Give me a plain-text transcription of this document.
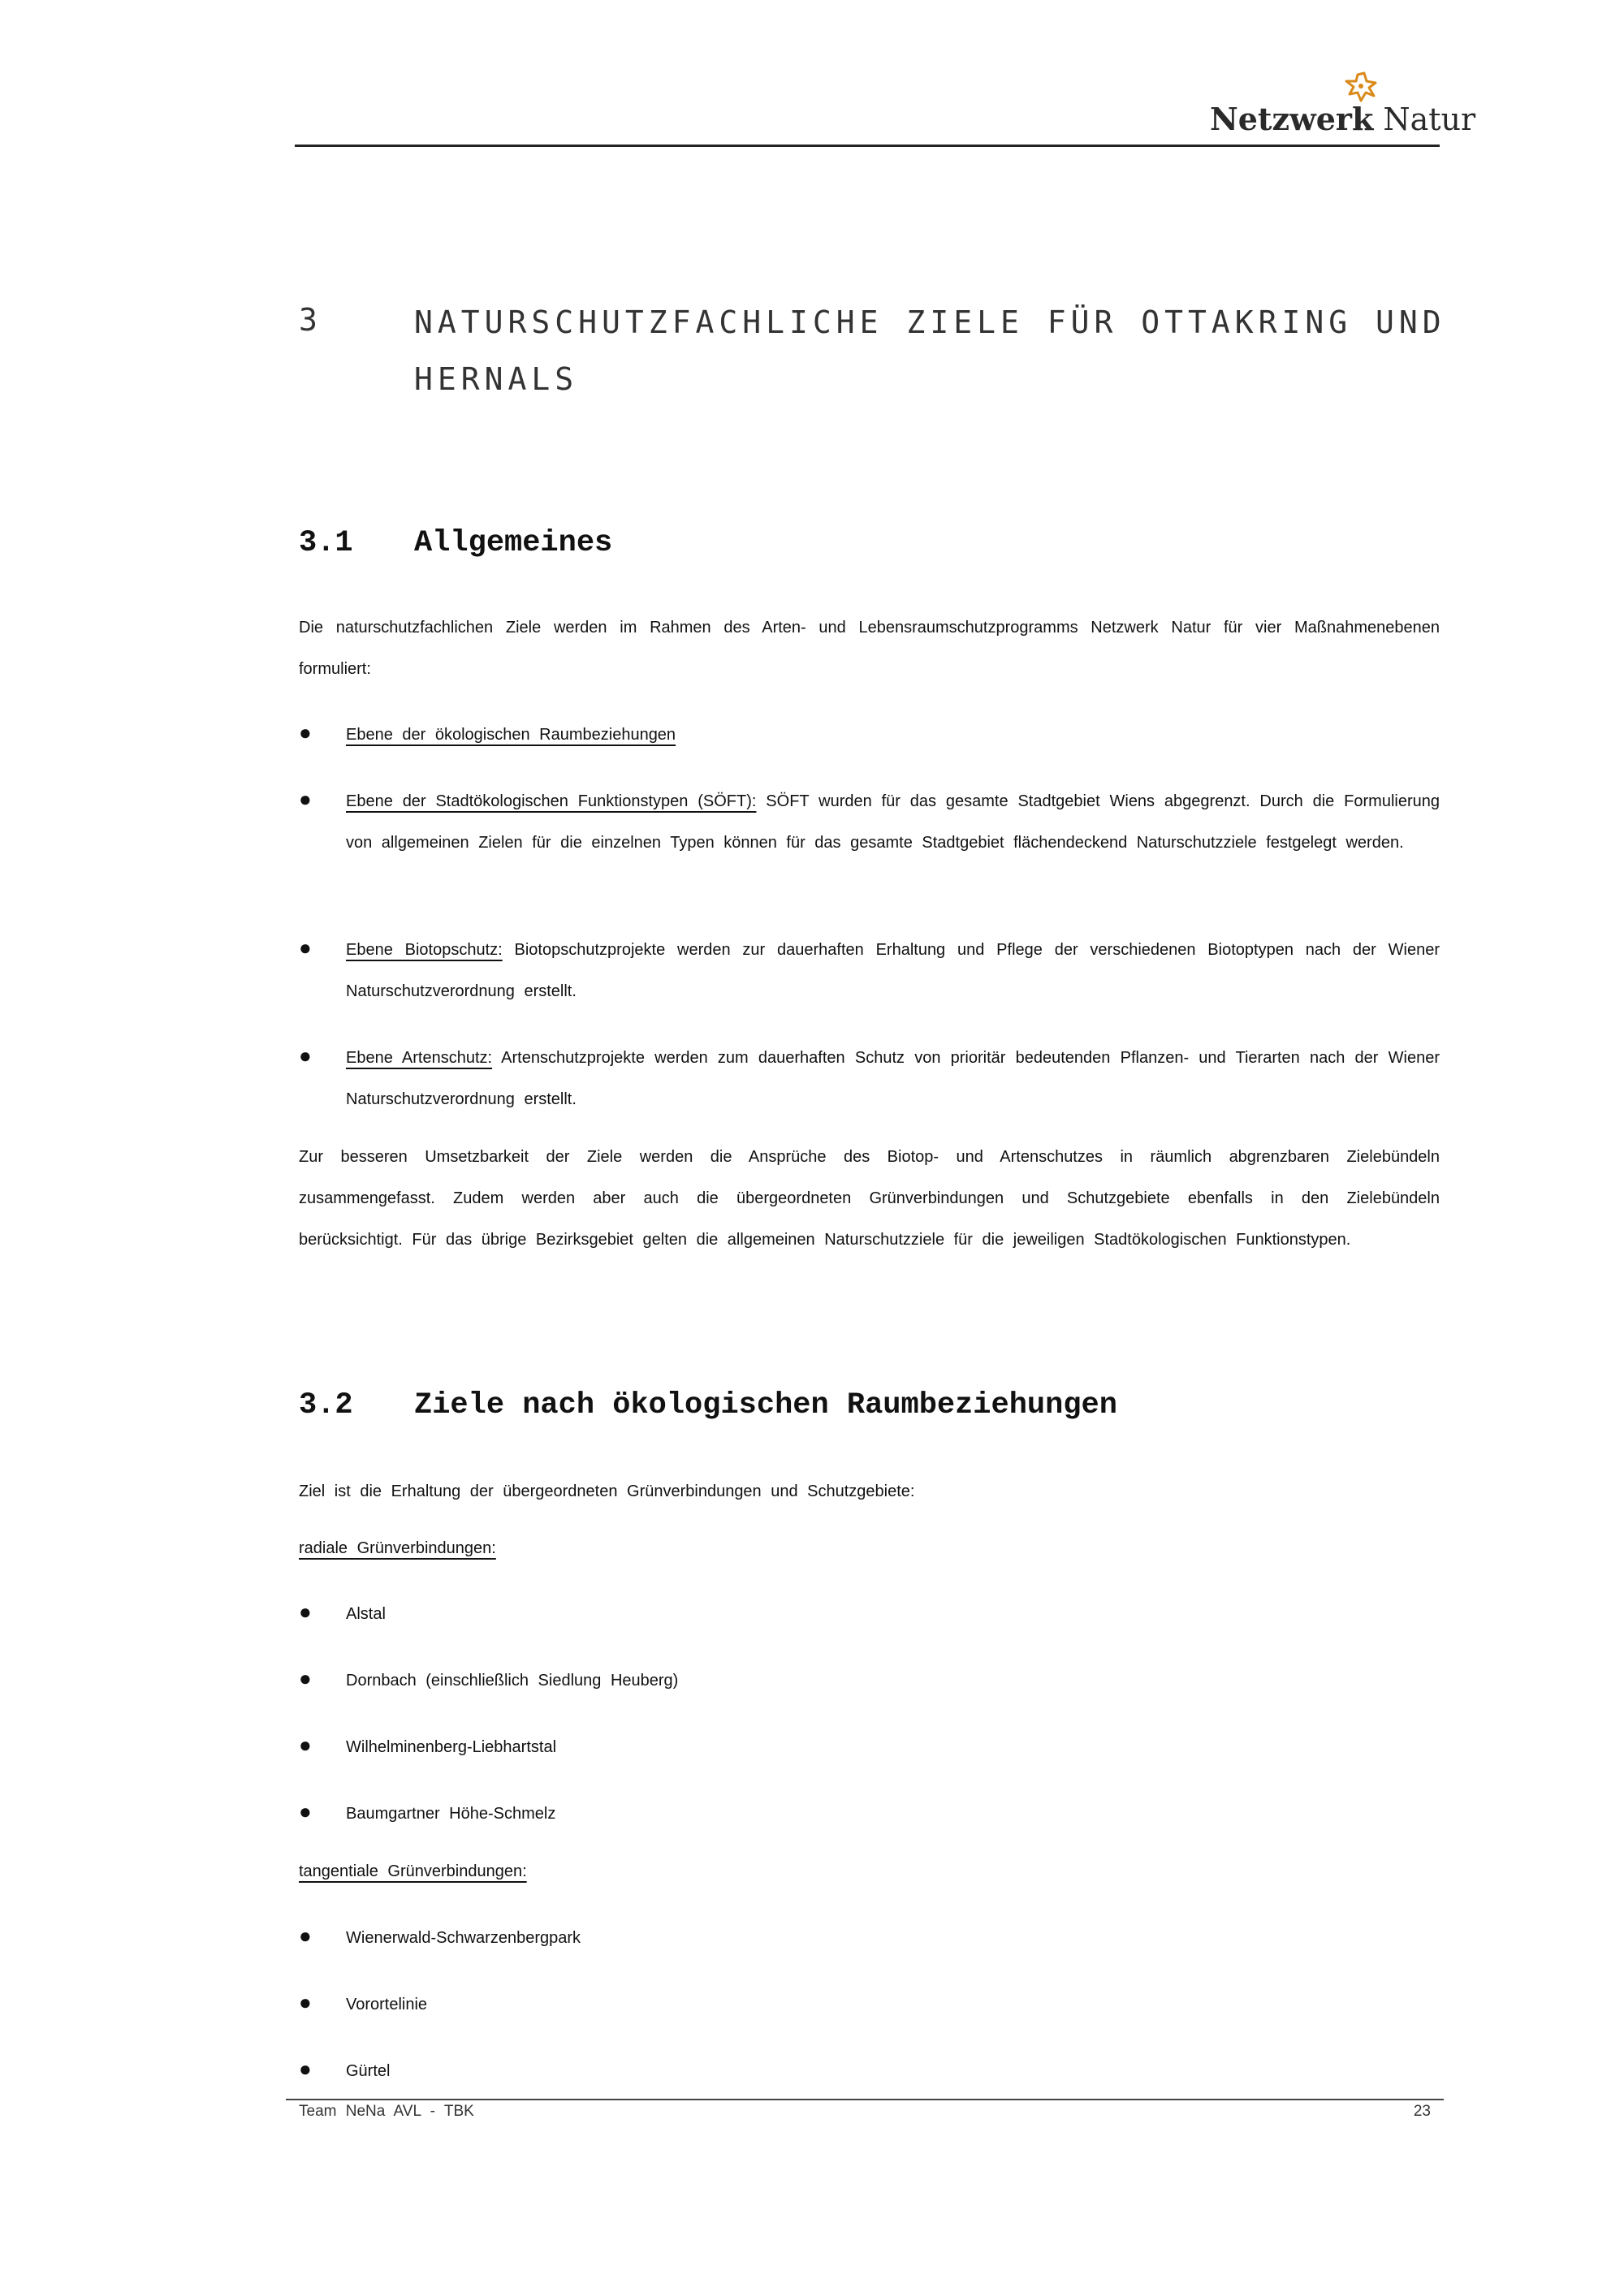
Netzwerk Natur
3	NATURSCHUTZFACHLICHE ZIELE FÜR OTTAKRING UND HERNALS
3.1 Allgemeines

Die naturschutzfachlichen Ziele werden im Rahmen des Arten- und Lebensraumschutzprogramms Netzwerk Natur für vier Maßnahmenebenen formuliert:

● Ebene der ökologischen Raumbeziehungen
● Ebene der Stadtökologischen Funktionstypen (SÖFT): SÖFT wurden für das gesamte Stadtgebiet Wiens abgegrenzt. Durch die Formulierung von allgemeinen Zielen für die einzelnen Typen können für das gesamte Stadtgebiet flächendeckend Naturschutzziele festgelegt werden.
● Ebene Biotopschutz: Biotopschutzprojekte werden zur dauerhaften Erhaltung und Pflege der verschiedenen Biotoptypen nach der Wiener Naturschutzverordnung erstellt.
● Ebene Artenschutz: Artenschutzprojekte werden zum dauerhaften Schutz von prioritär bedeutenden Pflanzen- und Tierarten nach der Wiener Naturschutzverordnung erstellt.

Zur besseren Umsetzbarkeit der Ziele werden die Ansprüche des Biotop- und Artenschutzes in räumlich abgrenzbaren Zielebündeln zusammengefasst. Zudem werden aber auch die übergeordneten Grünverbindungen und Schutzgebiete ebenfalls in den Zielebündeln berücksichtigt. Für das übrige Bezirksgebiet gelten die allgemeinen Naturschutzziele für die jeweiligen Stadtökologischen Funktionstypen.

3.2 Ziele nach ökologischen Raumbeziehungen

Ziel ist die Erhaltung der übergeordneten Grünverbindungen und Schutzgebiete:

radiale Grünverbindungen:

● Alstal
● Dornbach (einschließlich Siedlung Heuberg)
● Wilhelminenberg-Liebhartstal
● Baumgartner Höhe-Schmelz

tangentiale Grünverbindungen:

● Wienerwald-Schwarzenbergpark
● Vorortelinie
● Gürtel
Team NeNa AVL - TBK	23
